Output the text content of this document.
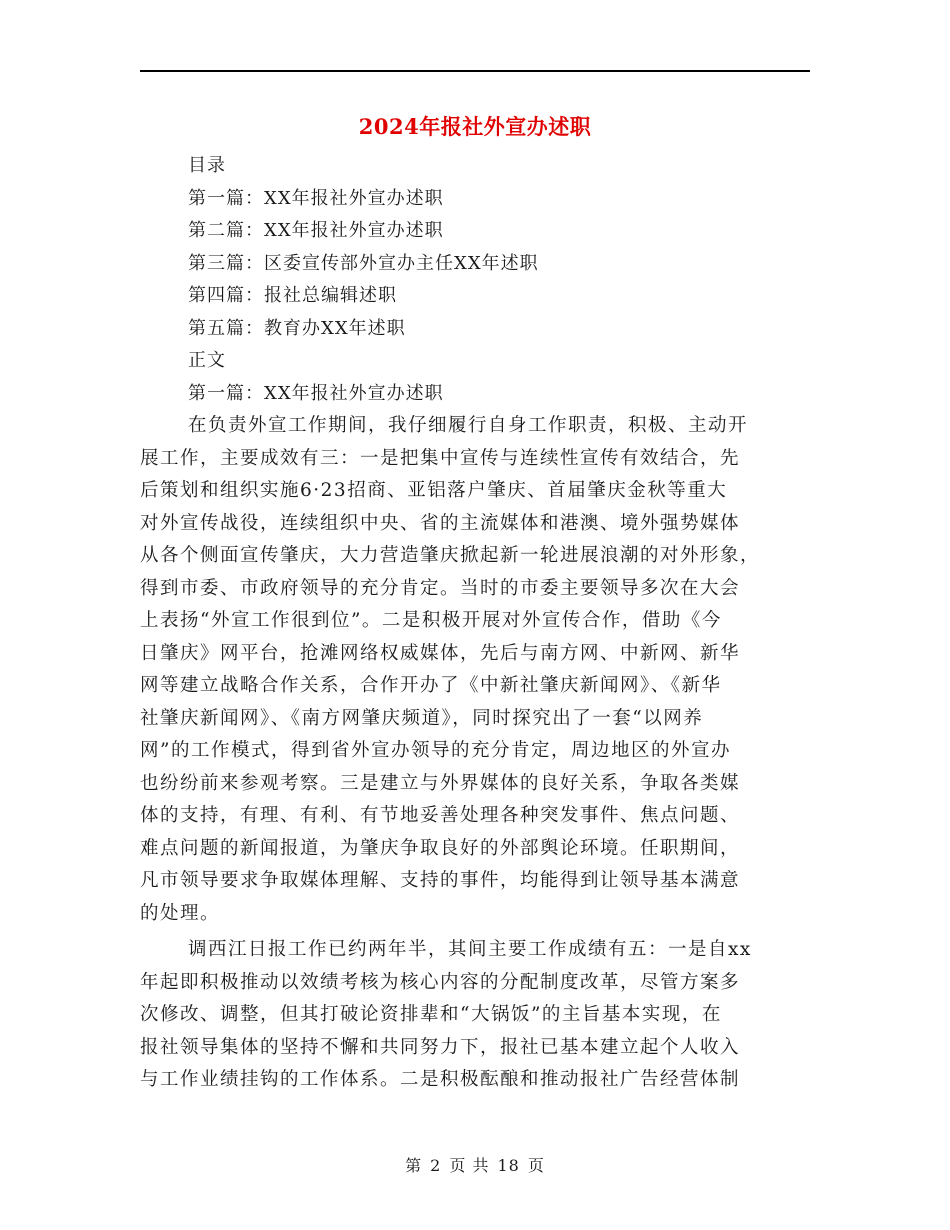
2024年报社外宣办述职
目录
第一篇：XX年报社外宣办述职
第二篇：XX年报社外宣办述职
第三篇：区委宣传部外宣办主任XX年述职
第四篇：报社总编辑述职
第五篇：教育办XX年述职
正文
第一篇：XX年报社外宣办述职
在负责外宣工作期间，我仔细履行自身工作职责，积极、主动开
展工作，主要成效有三：一是把集中宣传与连续性宣传有效结合，先
后策划和组织实施6·23招商、亚铝落户肇庆、首届肇庆金秋等重大
对外宣传战役，连续组织中央、省的主流媒体和港澳、境外强势媒体
从各个侧面宣传肇庆，大力营造肇庆掀起新一轮进展浪潮的对外形象，
得到市委、市政府领导的充分肯定。当时的市委主要领导多次在大会
上表扬“外宣工作很到位”。二是积极开展对外宣传合作，借助《今
日肇庆》网平台，抢滩网络权威媒体，先后与南方网、中新网、新华
网等建立战略合作关系，合作开办了《中新社肇庆新闻网》、《新华
社肇庆新闻网》、《南方网肇庆频道》，同时探究出了一套“以网养
网”的工作模式，得到省外宣办领导的充分肯定，周边地区的外宣办
也纷纷前来参观考察。三是建立与外界媒体的良好关系，争取各类媒
体的支持，有理、有利、有节地妥善处理各种突发事件、焦点问题、
难点问题的新闻报道，为肇庆争取良好的外部舆论环境。任职期间，
凡市领导要求争取媒体理解、支持的事件，均能得到让领导基本满意
的处理。
调西江日报工作已约两年半，其间主要工作成绩有五：一是自xx
年起即积极推动以效绩考核为核心内容的分配制度改革，尽管方案多
次修改、调整，但其打破论资排辈和“大锅饭”的主旨基本实现，在
报社领导集体的坚持不懈和共同努力下，报社已基本建立起个人收入
与工作业绩挂钩的工作体系。二是积极酝酿和推动报社广告经营体制
第 2 页 共 18 页
